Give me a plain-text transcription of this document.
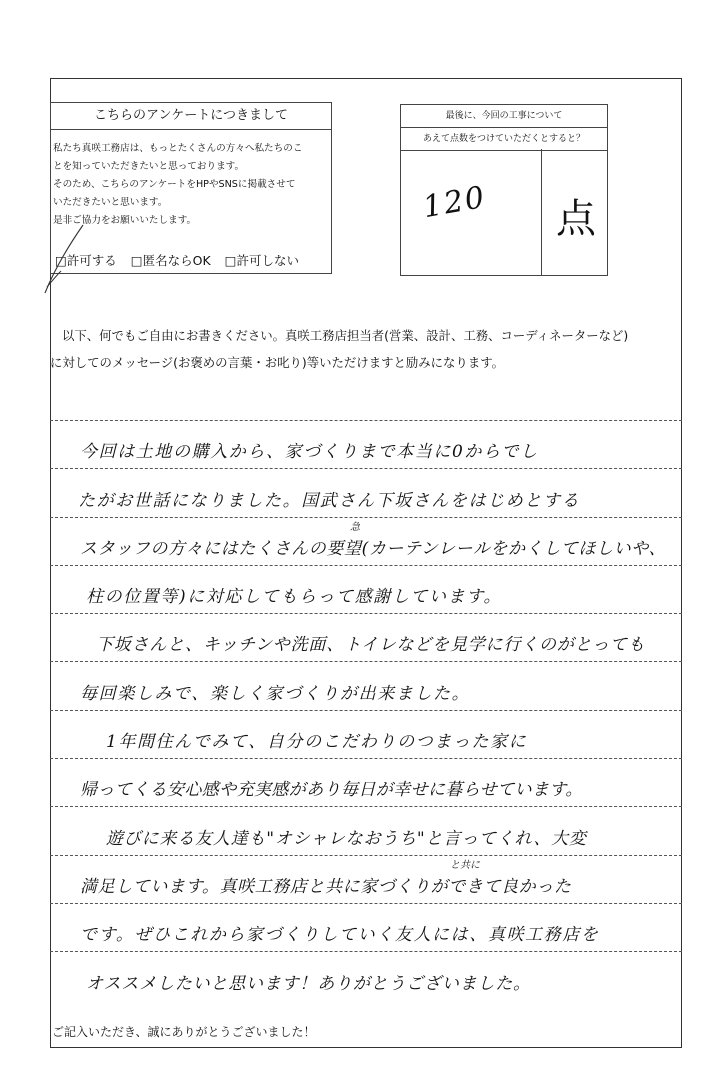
こちらのアンケートにつきまして

私たち真咲工務店は、もっとたくさんの方々へ私たちのこ

とを知っていただきたいと思っております。

そのため、こちらのアンケートをHPやSNSに掲載させて

いただきたいと思います。

是非ご協力をお願いいたします。

□許可する □匿名ならOK □許可しない
最後に、今回の工事について
あえて点数をつけていただくとすると？
120 点

以下、何でもご自由にお書きください。真咲工務店担当者(営業、設計、工務、コーディネーターなど)

に対してのメッセージ(お褒めの言葉・お叱り)等いただけますと励みになります。

今回は土地の購入から、家づくりまで本当に0からでし
たがお世話になりました。国武さん下坂さんをはじめとする
急
スタッフの方々にはたくさんの要望(カーテンレールをかくしてほしいや、
柱の位置等)に対応してもらって感謝しています。
下坂さんと、キッチンや洗面、トイレなどを見学に行くのがとっても
毎回楽しみで、楽しく家づくりが出来ました。
1年間住んでみて、自分のこだわりのつまった家に
帰ってくる安心感や充実感があり毎日が幸せに暮らせています。
遊びに来る友人達も"オシャレなおうち"と言ってくれ、大変
と共に
満足しています。真咲工務店と共に家づくりができて良かった
です。ぜひこれから家づくりしていく友人には、真咲工務店を
オススメしたいと思います！ありがとうございました。
ご記入いただき、誠にありがとうございました！
